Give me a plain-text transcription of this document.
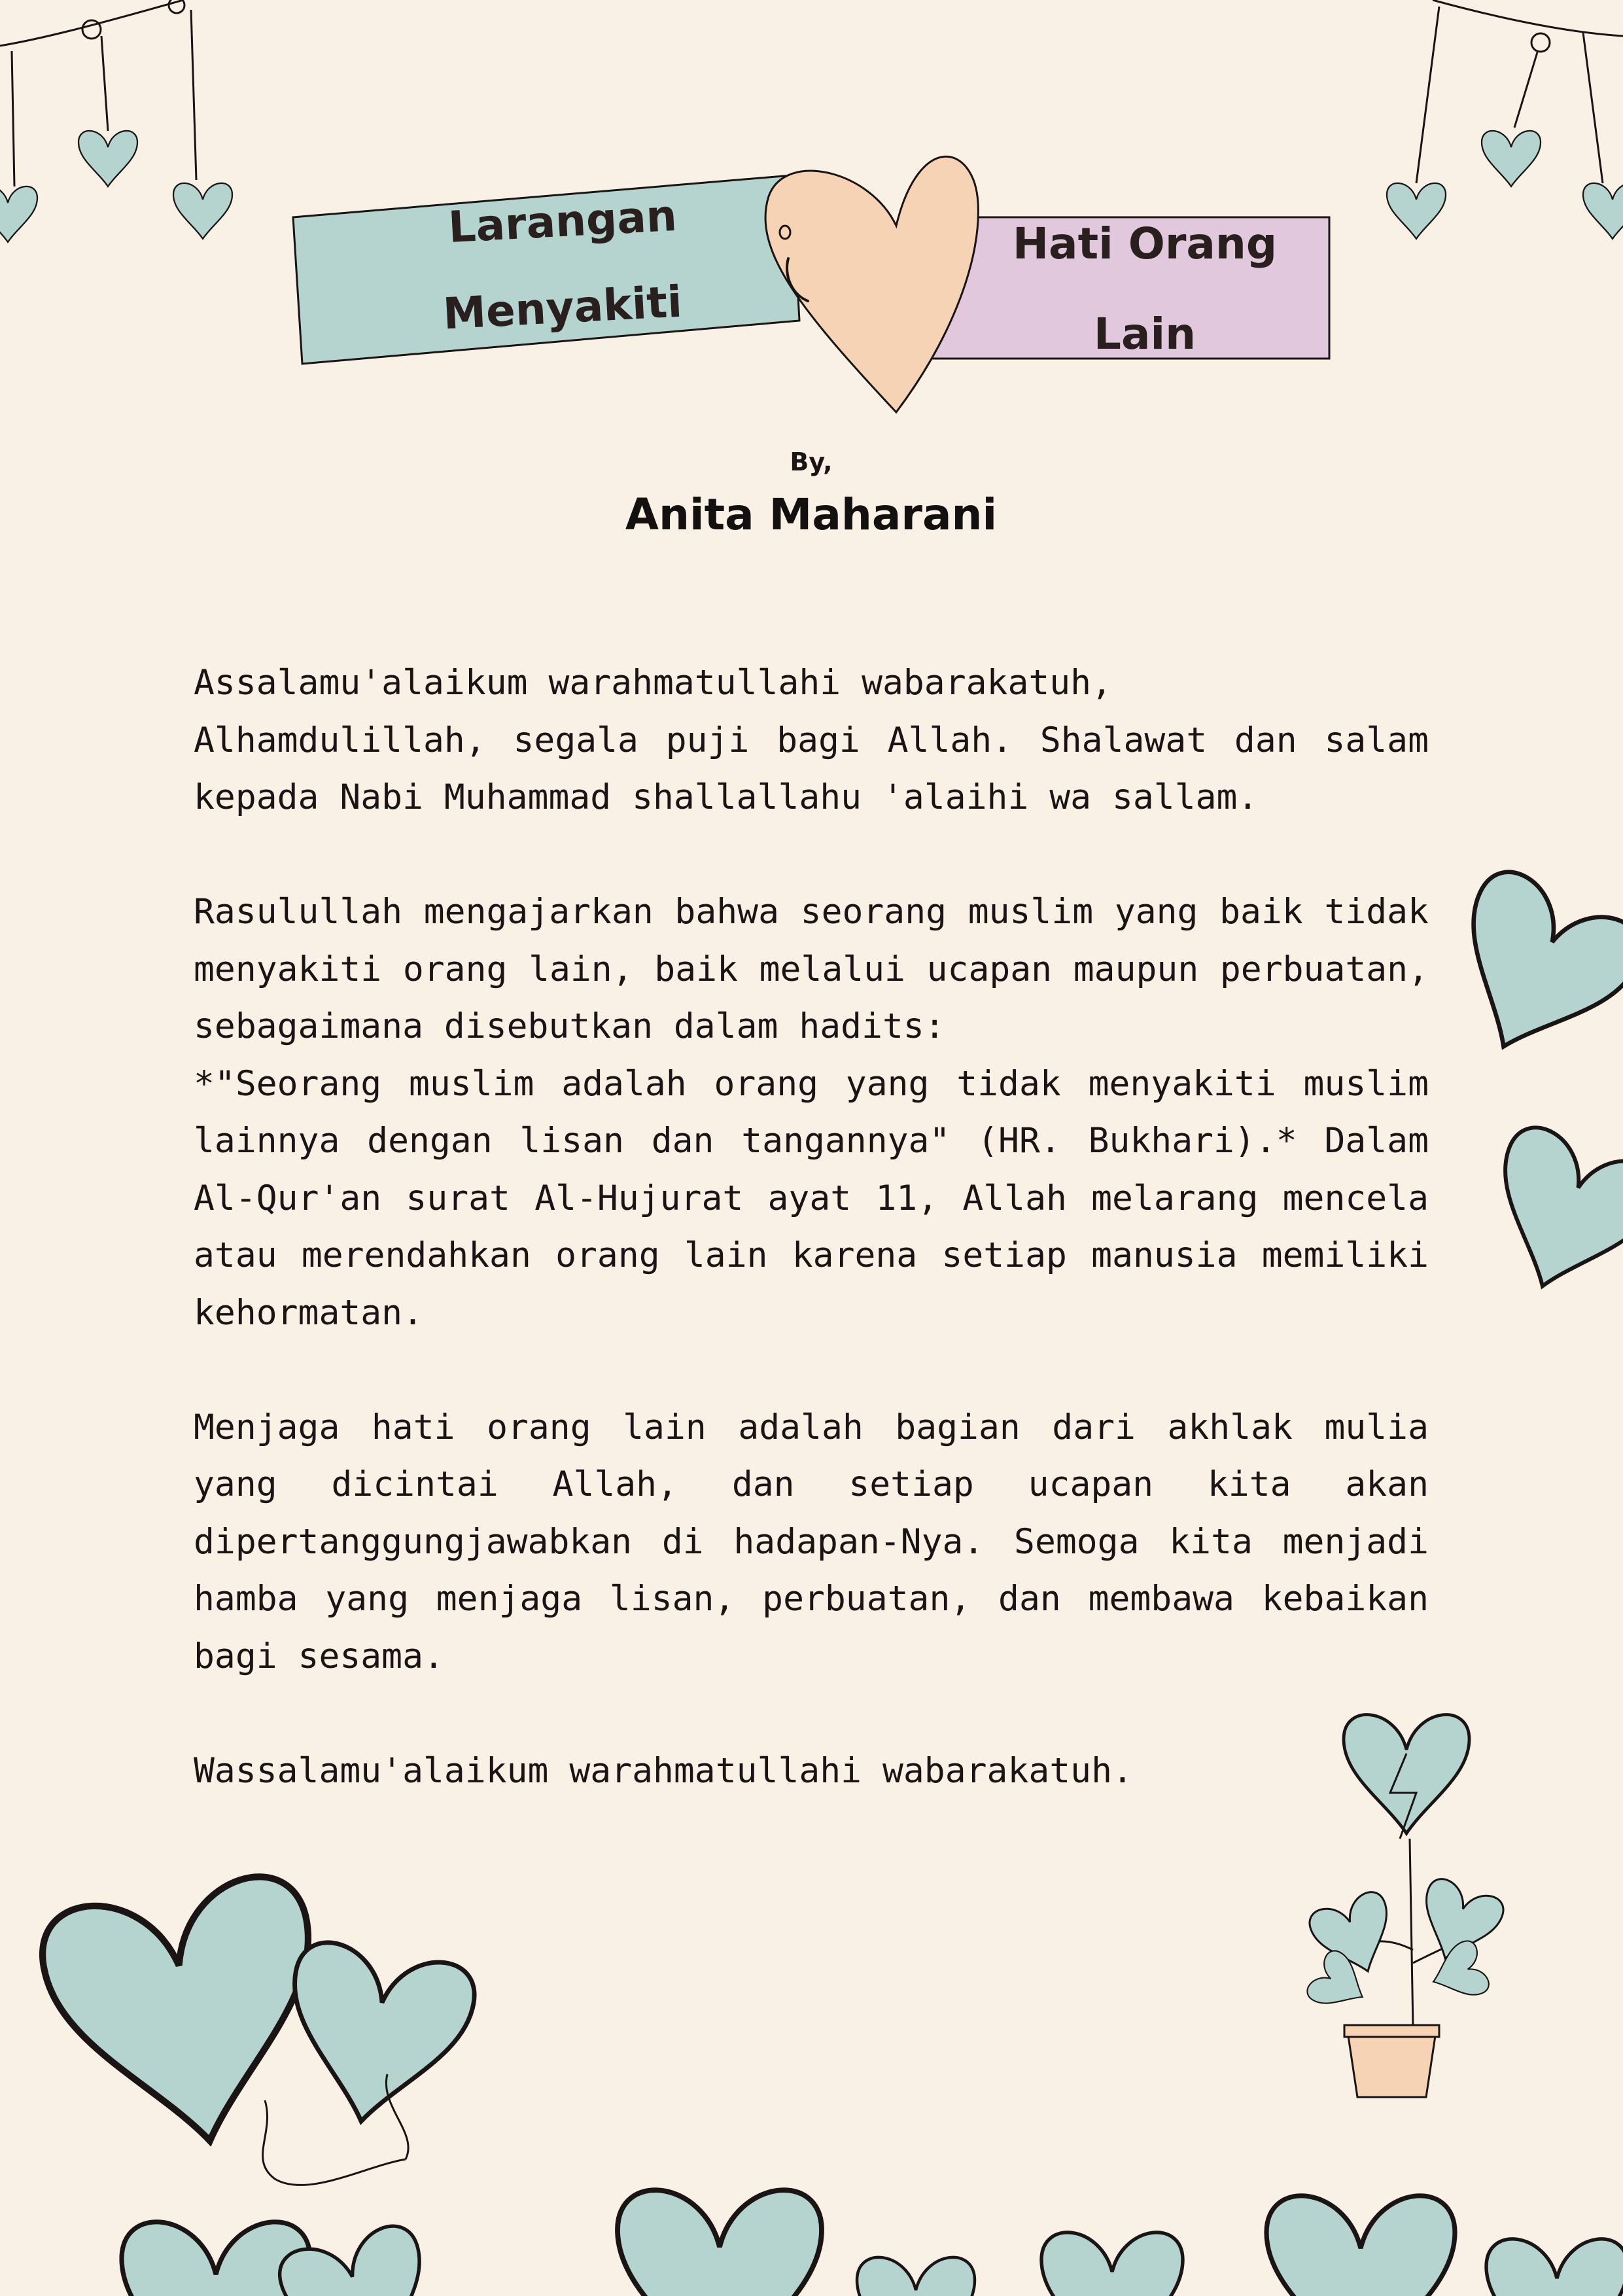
Larangan
Menyakiti
Hati Orang
Lain
By,
Anita Maharani

Assalamu'alaikum warahmatullahi wabarakatuh,

Alhamdulillah, segala puji bagi Allah. Shalawat dan salam kepada Nabi Muhammad shallallahu 'alaihi wa sallam.

Rasulullah mengajarkan bahwa seorang muslim yang baik tidak menyakiti orang lain, baik melalui ucapan maupun perbuatan, sebagaimana disebutkan dalam hadits:

*"Seorang muslim adalah orang yang tidak menyakiti muslim lainnya dengan lisan dan tangannya" (HR. Bukhari).* Dalam Al-Qur'an surat Al-Hujurat ayat 11, Allah melarang mencela atau merendahkan orang lain karena setiap manusia memiliki kehormatan.

Menjaga hati orang lain adalah bagian dari akhlak mulia yang dicintai Allah, dan setiap ucapan kita akan dipertanggungjawabkan di hadapan-Nya. Semoga kita menjadi hamba yang menjaga lisan, perbuatan, dan membawa kebaikan bagi sesama.

Wassalamu'alaikum warahmatullahi wabarakatuh.
